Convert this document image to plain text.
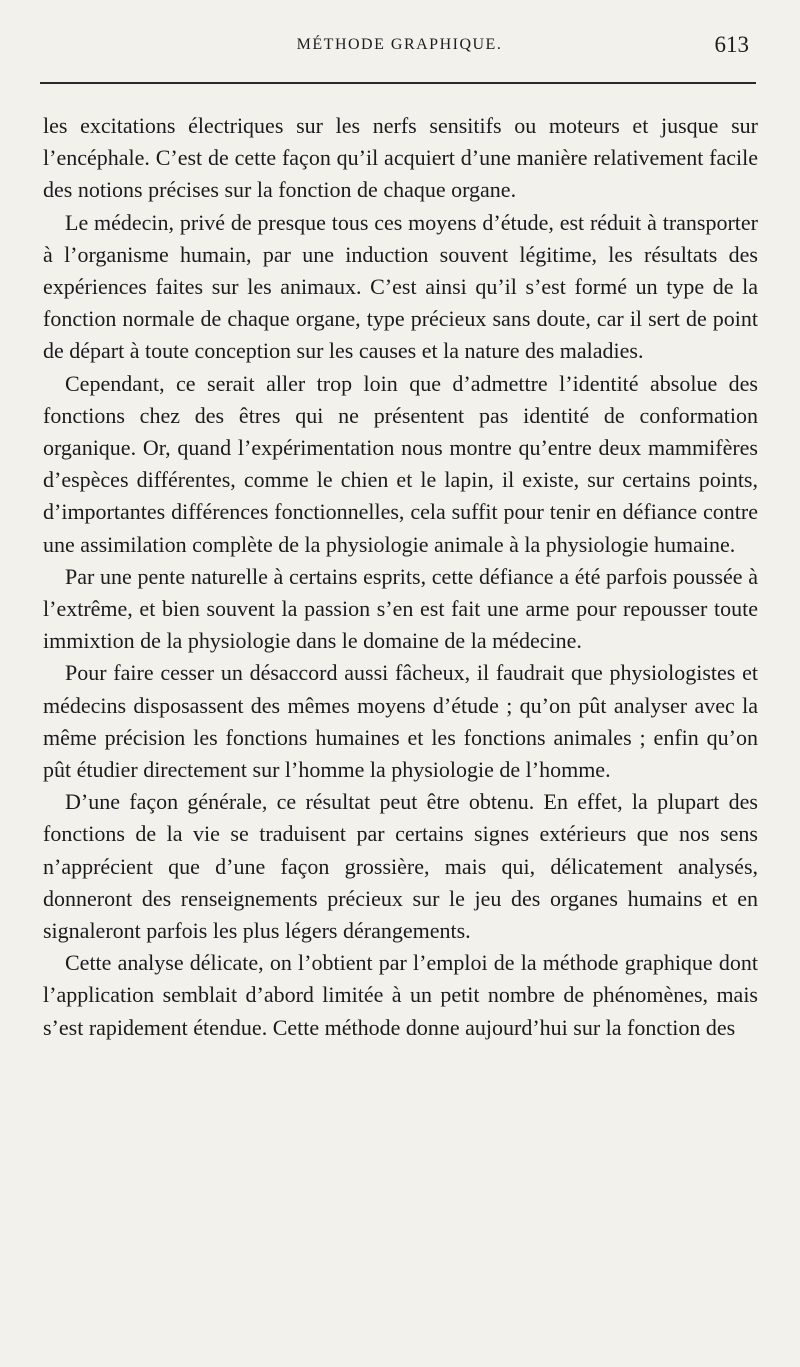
MÉTHODE GRAPHIQUE.	613

les excitations électriques sur les nerfs sensitifs ou moteurs et jusque sur l’encéphale. C’est de cette façon qu’il acquiert d’une manière relativement facile des notions précises sur la fonction de chaque organe.

Le médecin, privé de presque tous ces moyens d’étude, est réduit à transporter à l’organisme humain, par une induction souvent légitime, les résultats des expériences faites sur les animaux. C’est ainsi qu’il s’est formé un type de la fonction normale de chaque organe, type précieux sans doute, car il sert de point de départ à toute conception sur les causes et la nature des maladies.

Cependant, ce serait aller trop loin que d’admettre l’identité absolue des fonctions chez des êtres qui ne présentent pas identité de conformation organique. Or, quand l’expérimentation nous montre qu’entre deux mammifères d’espèces différentes, comme le chien et le lapin, il existe, sur certains points, d’importantes différences fonctionnelles, cela suffit pour tenir en défiance contre une assimilation complète de la physiologie animale à la physiologie humaine.

Par une pente naturelle à certains esprits, cette défiance a été parfois poussée à l’extrême, et bien souvent la passion s’en est fait une arme pour repousser toute immixtion de la physiologie dans le domaine de la médecine.

Pour faire cesser un désaccord aussi fâcheux, il faudrait que physiologistes et médecins disposassent des mêmes moyens d’étude ; qu’on pût analyser avec la même précision les fonctions humaines et les fonctions animales ; enfin qu’on pût étudier directement sur l’homme la physiologie de l’homme.

D’une façon générale, ce résultat peut être obtenu. En effet, la plupart des fonctions de la vie se traduisent par certains signes extérieurs que nos sens n’apprécient que d’une façon grossière, mais qui, délicatement analysés, donneront des renseignements précieux sur le jeu des organes humains et en signaleront parfois les plus légers dérangements.

Cette analyse délicate, on l’obtient par l’emploi de la méthode graphique dont l’application semblait d’abord limitée à un petit nombre de phénomènes, mais s’est rapidement étendue. Cette méthode donne aujourd’hui sur la fonction des
